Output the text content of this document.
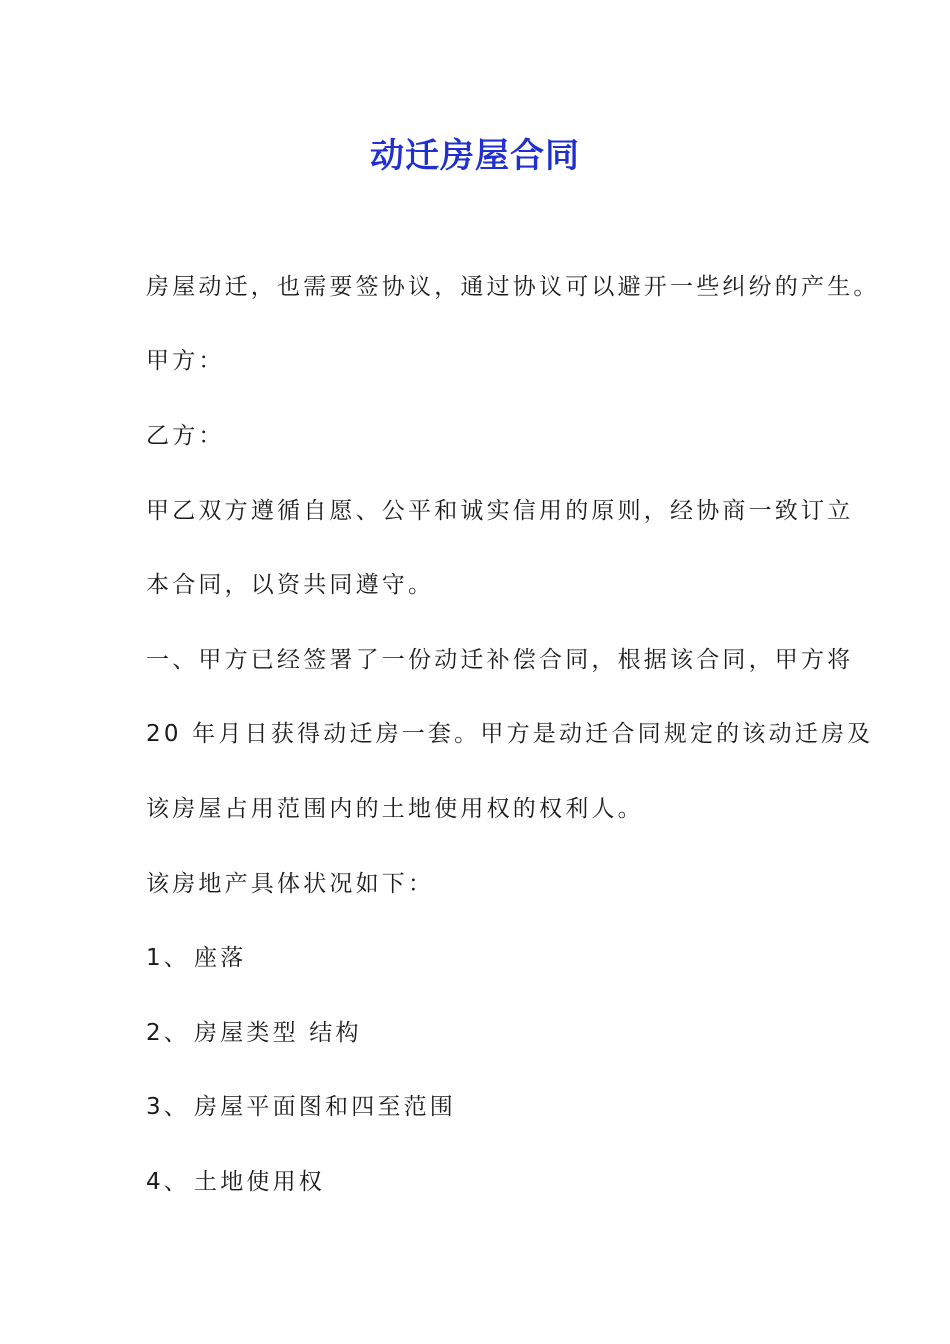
动迁房屋合同
房屋动迁，也需要签协议，通过协议可以避开一些纠纷的产生。
甲方：
乙方：
甲乙双方遵循自愿、公平和诚实信用的原则，经协商一致订立
本合同，以资共同遵守。
一、甲方已经签署了一份动迁补偿合同，根据该合同，甲方将
20 年月日获得动迁房一套。甲方是动迁合同规定的该动迁房及
该房屋占用范围内的土地使用权的权利人。
该房地产具体状况如下：
1、 座落
2、 房屋类型 结构
3、 房屋平面图和四至范围
4、 土地使用权
